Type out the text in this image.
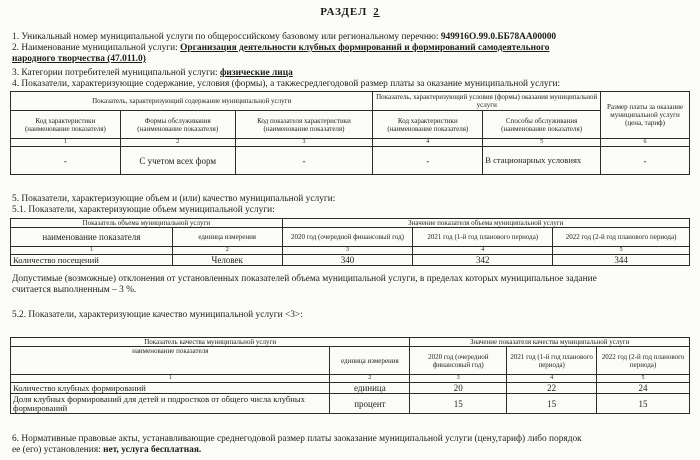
РАЗДЕЛ 2
1. Уникальный номер муниципальной услуги по общероссийскому базовому или региональному перечню: 949916О.99.0.ББ78АА00000
2. Наименование муниципальной услуги: Организация деятельности клубных формирований и формирований самодеятельного
народного творчества (47.011.0)
3. Категории потребителей муниципальной услуги: физические лица
4. Показатели, характеризующие содержание, условия (формы), а такжесредлегодовой размер платы за оказание муниципальной услуги:
Показатель, характеризующий содержание муниципальной услуги			Показатель, характеризующий условия (формы) оказания муниципальной услуги		Размер платы за оказание муниципальной услуги (цена, тариф)
Код характеристики (наименование показателя)	Формы обслуживания (наименование показателя)	Код показателя характеристики (наименование показателя)	Код характеристики (наименование показателя)	Способы обслуживания (наименование показателя)	
1	2	3	4	5	6
-	С учетом всех форм	-	-	В стационарных условиях	-
5. Показатели, характеризующие объем и (или) качество муниципальной услуги:
5.1. Показатели, характеризующие объем муниципальной услуги:
Показатель объема муниципальной услуги		Значение показателя объема муниципальной услуги		
наименование показателя	единица измерения	2020 год (очередной финансовый год)	2021 год (1-й год планового периода)	2022 год (2-й год планового периода)
1	2	3	4	5
Количество посещений	Человек	340	342	344
Допустимые (возможные) отклонения от установленных показателей объема муниципальной услуги, в пределах которых муниципальное задание
считается выполненным – 3 %.
5.2. Показатели, характеризующие качество муниципальной услуги <3>:
Показатель качества муниципальной услуги		Значение показателя качества муниципальной услуги		
наименование показателя	единица измерения	2020 год (очередной финансовый год)	2021 год (1-й год планового периода)	2022 год (2-й год планового периода)
1	2	3	4	5
Количество клубных формирований	единица	20	22	24
Доля клубных формирований для детей и подростков от общего числа клубных формирований	процент	15	15	15
6. Нормативные правовые акты, устанавливающие среднегодовой размер платы заоказание муниципальной услуги (цену,тариф) либо порядок
ее (его) установления: нет, услуга бесплатная.
